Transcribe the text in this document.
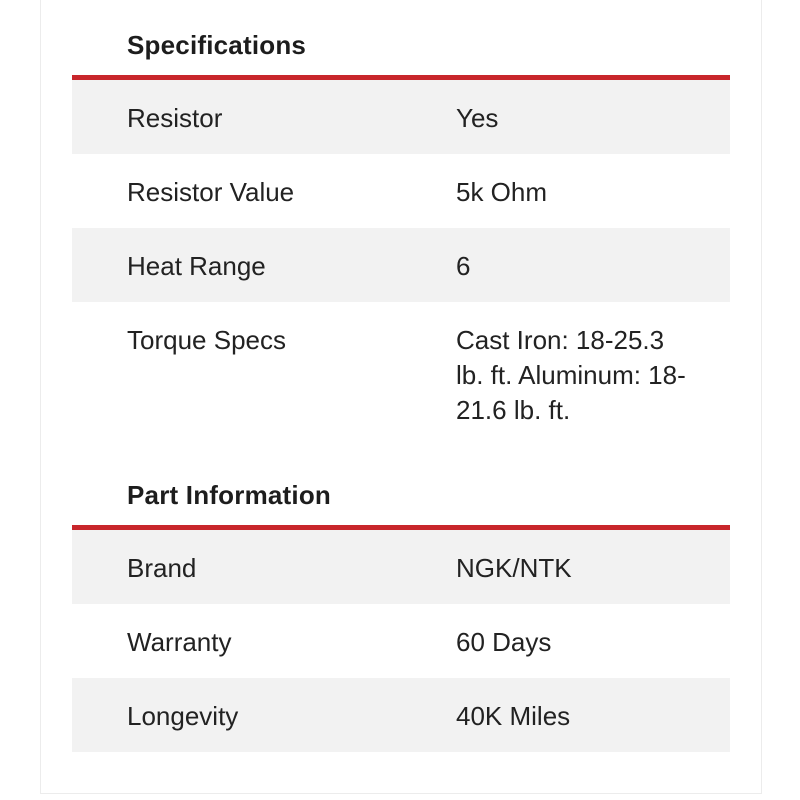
Specifications
Resistor	Yes
Resistor Value	5k Ohm
Heat Range	6
Torque Specs	Cast Iron: 18-25.3 lb. ft. Aluminum: 18-21.6 lb. ft.
Part Information
Brand	NGK/NTK
Warranty	60 Days
Longevity	40K Miles
